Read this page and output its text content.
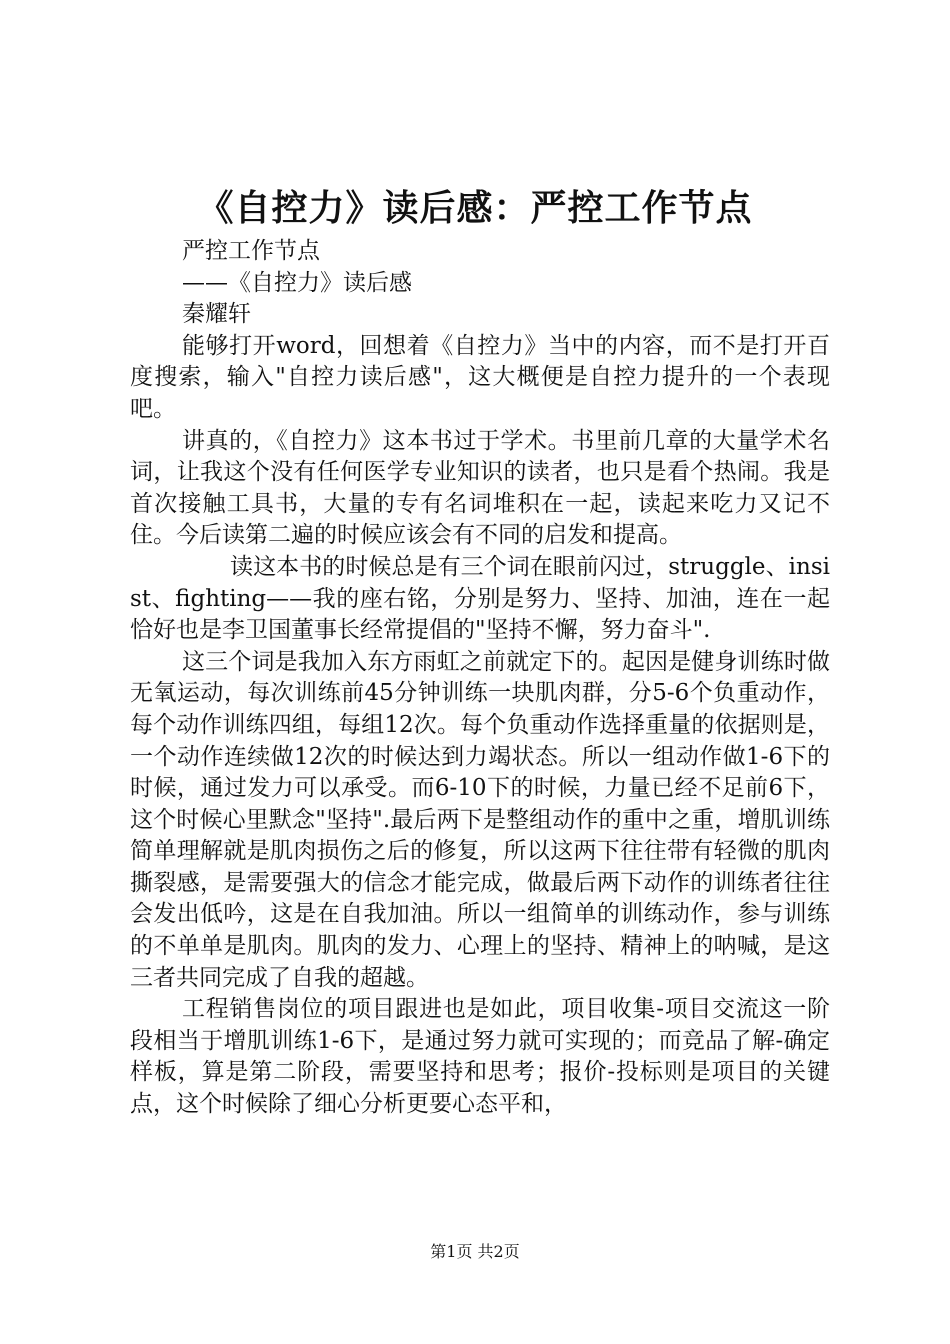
《自控力》读后感：严控工作节点
严控工作节点
——《自控力》读后感
秦耀轩

能够打开word，回想着《自控力》当中的内容，而不是打开百度搜索，输入"自控力读后感"，这大概便是自控力提升的一个表现吧。

讲真的，《自控力》这本书过于学术。书里前几章的大量学术名词，让我这个没有任何医学专业知识的读者，也只是看个热闹。我是首次接触工具书，大量的专有名词堆积在一起，读起来吃力又记不住。今后读第二遍的时候应该会有不同的启发和提高。

读这本书的时候总是有三个词在眼前闪过，struggle、insist、fighting——我的座右铭，分别是努力、坚持、加油，连在一起恰好也是李卫国董事长经常提倡的"坚持不懈，努力奋斗".

这三个词是我加入东方雨虹之前就定下的。起因是健身训练时做无氧运动，每次训练前45分钟训练一块肌肉群，分5-6个负重动作，每个动作训练四组，每组12次。每个负重动作选择重量的依据则是，一个动作连续做12次的时候达到力竭状态。所以一组动作做1-6下的时候，通过发力可以承受。而6-10下的时候，力量已经不足前6下，这个时候心里默念"坚持".最后两下是整组动作的重中之重，增肌训练简单理解就是肌肉损伤之后的修复，所以这两下往往带有轻微的肌肉撕裂感，是需要强大的信念才能完成，做最后两下动作的训练者往往会发出低吟，这是在自我加油。所以一组简单的训练动作，参与训练的不单单是肌肉。肌肉的发力、心理上的坚持、精神上的呐喊，是这三者共同完成了自我的超越。

工程销售岗位的项目跟进也是如此，项目收集-项目交流这一阶段相当于增肌训练1-6下，是通过努力就可实现的；而竞品了解-确定样板，算是第二阶段，需要坚持和思考；报价-投标则是项目的关键点，这个时候除了细心分析更要心态平和，

第1页 共2页
